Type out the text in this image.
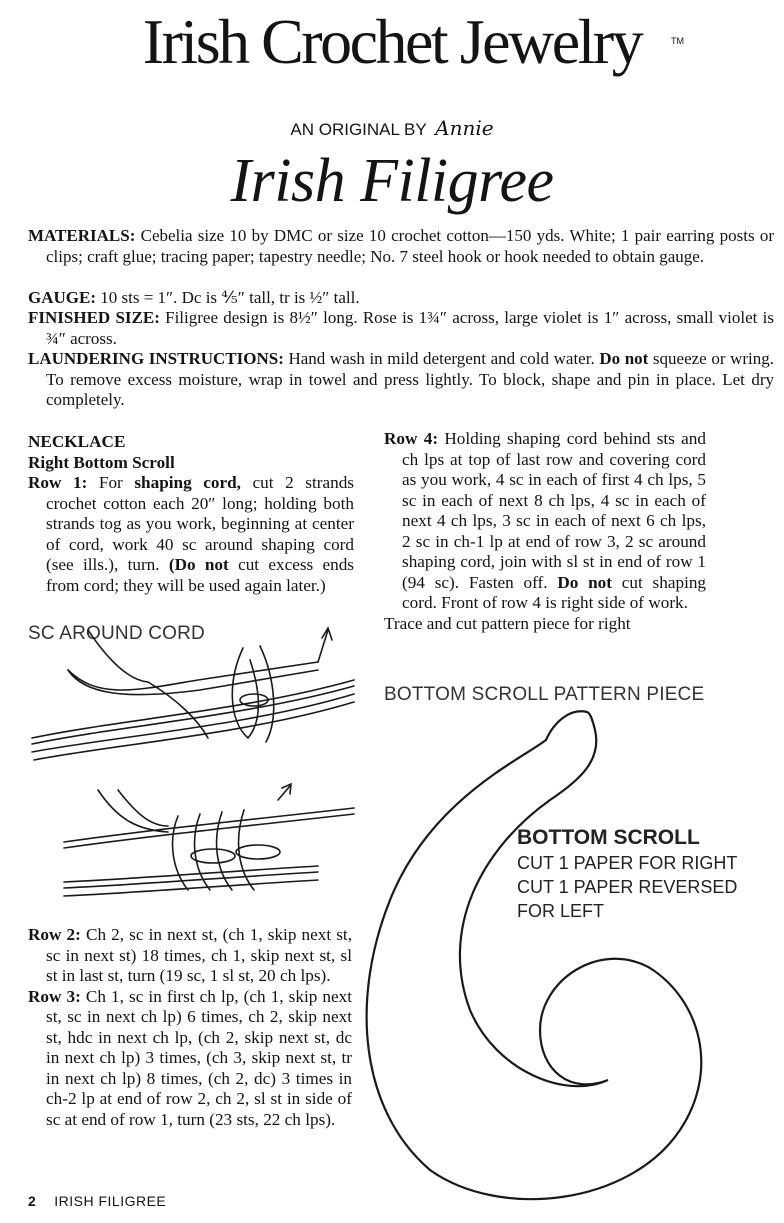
Irish Crochet Jewelry	TM
AN ORIGINAL BY Annie
Irish Filigree

MATERIALS: Cebelia size 10 by DMC or size 10 crochet cotton—150 yds. White; 1 pair earring posts or clips; craft glue; tracing paper; tapestry needle; No. 7 steel hook or hook needed to obtain gauge.

GAUGE: 10 sts = 1″. Dc is ⅘″ tall, tr is ½″ tall.

FINISHED SIZE: Filigree design is 8½″ long. Rose is 1¾″ across, large violet is 1″ across, small violet is ¾″ across.

LAUNDERING INSTRUCTIONS: Hand wash in mild detergent and cold water. Do not squeeze or wring. To remove excess moisture, wrap in towel and press lightly. To block, shape and pin in place. Let dry completely.

NECKLACE
Right Bottom Scroll

Row 1: For shaping cord, cut 2 strands crochet cotton each 20″ long; holding both strands tog as you work, beginning at center of cord, work 40 sc around shaping cord (see ills.), turn. (Do not cut excess ends from cord; they will be used again later.)

SC AROUND CORD

Row 2: Ch 2, sc in next st, (ch 1, skip next st, sc in next st) 18 times, ch 1, skip next st, sl st in last st, turn (19 sc, 1 sl st, 20 ch lps).

Row 3: Ch 1, sc in first ch lp, (ch 1, skip next st, sc in next ch lp) 6 times, ch 2, skip next st, hdc in next ch lp, (ch 2, skip next st, dc in next ch lp) 3 times, (ch 3, skip next st, tr in next ch lp) 8 times, (ch 2, dc) 3 times in ch-2 lp at end of row 2, ch 2, sl st in side of sc at end of row 1, turn (23 sts, 22 ch lps).

Row 4: Holding shaping cord behind sts and ch lps at top of last row and covering cord as you work, 4 sc in each of first 4 ch lps, 5 sc in each of next 8 ch lps, 4 sc in each of next 4 ch lps, 3 sc in each of next 6 ch lps, 2 sc in ch-1 lp at end of row 3, 2 sc around shaping cord, join with sl st in end of row 1 (94 sc). Fasten off. Do not cut shaping cord. Front of row 4 is right side of work.

Trace and cut pattern piece for right

BOTTOM SCROLL PATTERN PIECE
BOTTOM SCROLL
CUT 1 PAPER FOR RIGHT
CUT 1 PAPER REVERSED
FOR LEFT
2 IRISH FILIGREE
